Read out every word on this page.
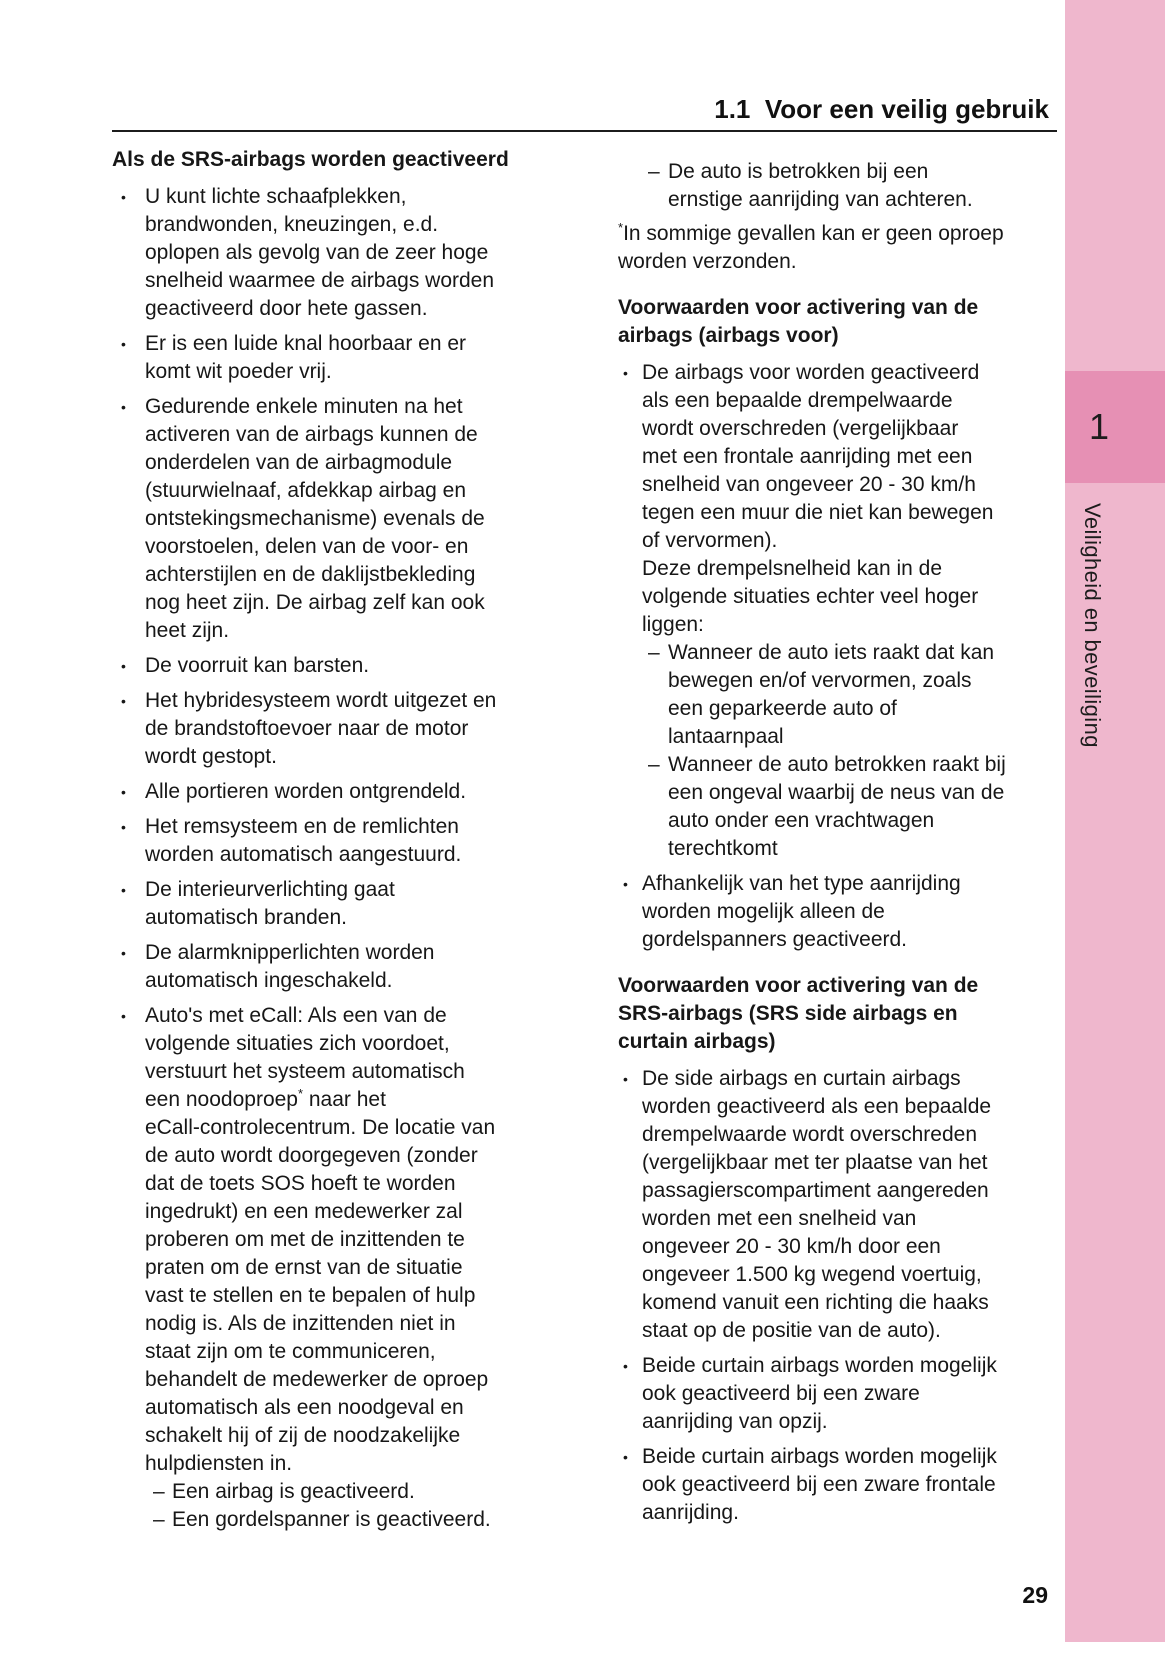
1.1  Voor een veilig gebruik
Als de SRS-airbags worden geactiveerd
• U kunt lichte schaafplekken,
brandwonden, kneuzingen, e.d.
oplopen als gevolg van de zeer hoge
snelheid waarmee de airbags worden
geactiveerd door hete gassen.
• Er is een luide knal hoorbaar en er
komt wit poeder vrij.
• Gedurende enkele minuten na het
activeren van de airbags kunnen de
onderdelen van de airbagmodule
(stuurwielnaaf, afdekkap airbag en
ontstekingsmechanisme) evenals de
voorstoelen, delen van de voor- en
achterstijlen en de daklijstbekleding
nog heet zijn. De airbag zelf kan ook
heet zijn.
• De voorruit kan barsten.
• Het hybridesysteem wordt uitgezet en
de brandstoftoevoer naar de motor
wordt gestopt.
• Alle portieren worden ontgrendeld.
• Het remsysteem en de remlichten
worden automatisch aangestuurd.
• De interieurverlichting gaat
automatisch branden.
• De alarmknipperlichten worden
automatisch ingeschakeld.
• Auto's met eCall: Als een van de
volgende situaties zich voordoet,
verstuurt het systeem automatisch
een noodoproep* naar het
eCall-controlecentrum. De locatie van
de auto wordt doorgegeven (zonder
dat de toets SOS hoeft te worden
ingedrukt) en een medewerker zal
proberen om met de inzittenden te
praten om de ernst van de situatie
vast te stellen en te bepalen of hulp
nodig is. Als de inzittenden niet in
staat zijn om te communiceren,
behandelt de medewerker de oproep
automatisch als een noodgeval en
schakelt hij of zij de noodzakelijke
hulpdiensten in.
– Een airbag is geactiveerd.
– Een gordelspanner is geactiveerd.
– De auto is betrokken bij een
ernstige aanrijding van achteren.
*In sommige gevallen kan er geen oproep
worden verzonden.
Voorwaarden voor activering van de
airbags (airbags voor)
• De airbags voor worden geactiveerd
als een bepaalde drempelwaarde
wordt overschreden (vergelijkbaar
met een frontale aanrijding met een
snelheid van ongeveer 20 - 30 km/h
tegen een muur die niet kan bewegen
of vervormen).
Deze drempelsnelheid kan in de
volgende situaties echter veel hoger
liggen:
– Wanneer de auto iets raakt dat kan
bewegen en/of vervormen, zoals
een geparkeerde auto of
lantaarnpaal
– Wanneer de auto betrokken raakt bij
een ongeval waarbij de neus van de
auto onder een vrachtwagen
terechtkomt
• Afhankelijk van het type aanrijding
worden mogelijk alleen de
gordelspanners geactiveerd.
Voorwaarden voor activering van de
SRS-airbags (SRS side airbags en
curtain airbags)
• De side airbags en curtain airbags
worden geactiveerd als een bepaalde
drempelwaarde wordt overschreden
(vergelijkbaar met ter plaatse van het
passagierscompartiment aangereden
worden met een snelheid van
ongeveer 20 - 30 km/h door een
ongeveer 1.500 kg wegend voertuig,
komend vanuit een richting die haaks
staat op de positie van de auto).
• Beide curtain airbags worden mogelijk
ook geactiveerd bij een zware
aanrijding van opzij.
• Beide curtain airbags worden mogelijk
ook geactiveerd bij een zware frontale
aanrijding.
1
Veiligheid en beveiliging
29
